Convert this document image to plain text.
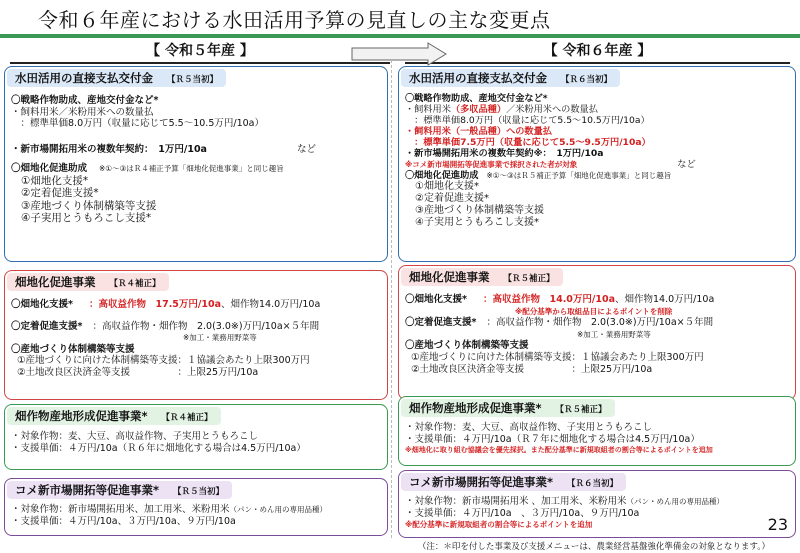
令和６年産における水田活用予算の見直しの主な変更点
【 令和５年産 】	【 令和６年産 】
水田活用の直接支払交付金 【Ｒ５当初】
〇戦略作物助成、産地交付金など*
・飼料用米／米粉用米への数量払
　：標準単価8.0万円（収量に応じて5.5～10.5万円/10a）
・新市場開拓用米の複数年契約：　1万円/10a	など
〇畑地化促進助成 ※①～③はＲ４補正予算「畑地化促進事業」と同じ趣旨
①畑地化支援*
②定着促進支援*
③産地づくり体制構築等支援
④子実用とうもろこし支援*
畑地化促進事業 【Ｒ４補正】
〇畑地化支援* ：高収益作物　17.5万円/10a、畑作物14.0万円/10a
〇定着促進支援* ：高収益作物・畑作物　2.0(3.0※)万円/10a×５年間
※加工・業務用野菜等
〇産地づくり体制構築等支援
①産地づくりに向けた体制構築等支援：１協議会あたり上限300万円
②土地改良区決済金等支援　　　　　：上限25万円/10a
畑作物産地形成促進事業* 【Ｒ４補正】
・対象作物：麦、大豆、高収益作物、子実用とうもろこし
・支援単価：４万円/10a（Ｒ６年に畑地化する場合は4.5万円/10a）
コメ新市場開拓等促進事業* 【Ｒ５当初】
・対象作物：新市場開拓用米、加工用米、米粉用米（パン・めん用の専用品種）
・支援単価：４万円/10a、３万円/10a、９万円/10a
水田活用の直接支払交付金 【Ｒ６当初】
〇戦略作物助成、産地交付金など*
・飼料用米（多収品種）／米粉用米への数量払
　：標準単価8.0万円（収量に応じて5.5～10.5万円/10a）
・飼料用米（一般品種）への数量払
　：標準単価7.5万円（収量に応じて5.5～9.5万円/10a）
・新市場開拓用米の複数年契約※：　1万円/10a
※コメ新市場開拓等促進事業で採択された者が対象	など
〇畑地化促進助成 ※①～③はＲ５補正予算「畑地化促進事業」と同じ趣旨
①畑地化支援*
②定着促進支援*
③産地づくり体制構築等支援
④子実用とうもろこし支援*
畑地化促進事業 【Ｒ５補正】
〇畑地化支援* ：高収益作物　14.0万円/10a、畑作物14.0万円/10a
※配分基準から取組品目によるポイントを削除
〇定着促進支援* ：高収益作物・畑作物　2.0(3.0※)万円/10a×５年間
※加工・業務用野菜等
〇産地づくり体制構築等支援
①産地づくりに向けた体制構築等支援：１協議会あたり上限300万円
②土地改良区決済金等支援　　　　　：上限25万円/10a
畑作物産地形成促進事業* 【Ｒ５補正】
・対象作物：麦、大豆、高収益作物、子実用とうもろこし
・支援単価：４万円/10a（Ｒ７年に畑地化する場合は4.5万円/10a）
※畑地化に取り組む協議会を優先採択。また配分基準に新規取組者の割合等によるポイントを追加
コメ新市場開拓等促進事業* 【Ｒ６当初】
・対象作物：新市場開拓用米 、加工用米、米粉用米（パン・めん用の専用品種）
・支援単価：４万円/10a　、３万円/10a、９万円/10a
※配分基準に新規取組者の割合等によるポイントを追加	23
（注：＊印を付した事業及び支援メニューは、農業経営基盤強化準備金の対象となります。）
